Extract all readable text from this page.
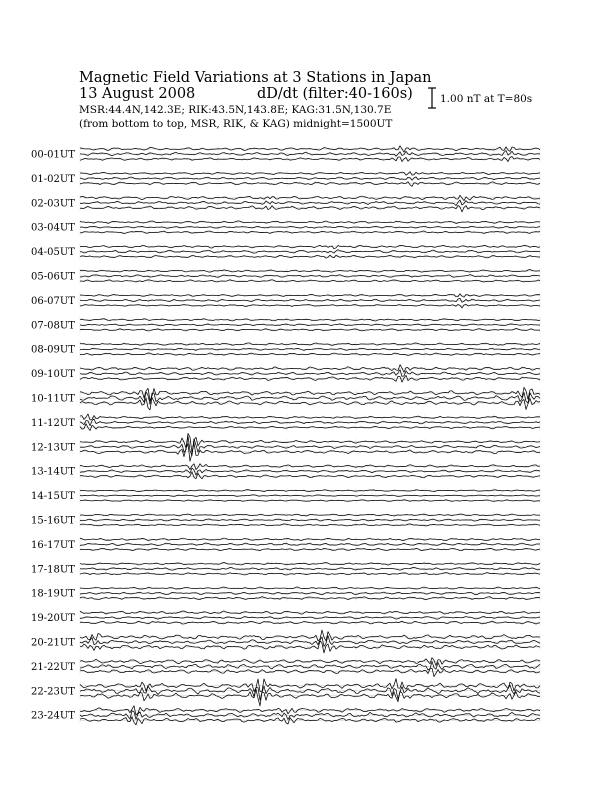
Magnetic Field Variations at 3 Stations in Japan
13 August 2008	dD/dt (filter:40-160s)
MSR:44.4N,142.3E; RIK:43.5N,143.8E; KAG:31.5N,130.7E
(from bottom to top, MSR, RIK, & KAG) midnight=1500UT
1.00 nT at T=80s
00-01UT
01-02UT
02-03UT
03-04UT
04-05UT
05-06UT
06-07UT
07-08UT
08-09UT
09-10UT
10-11UT
11-12UT
12-13UT
13-14UT
14-15UT
15-16UT
16-17UT
17-18UT
18-19UT
19-20UT
20-21UT
21-22UT
22-23UT
23-24UT
